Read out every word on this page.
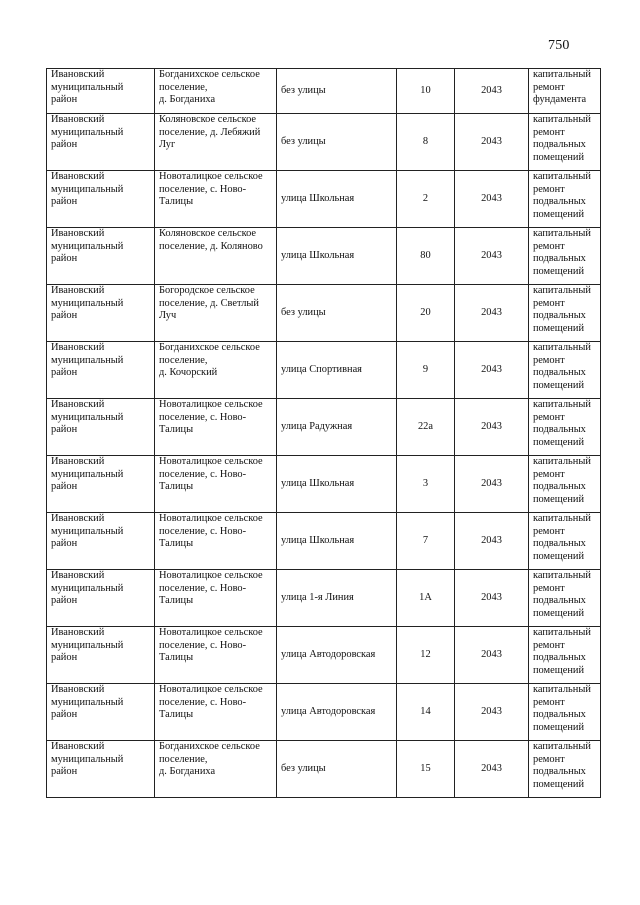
750
Ивановский
муниципальный
район	Богданихское сельское
поселение,
д. Богданиха	без улицы	10	2043	капитальный
ремонт
фундамента
Ивановский
муниципальный
район	Коляновское сельское
поселение, д. Лебяжий
Луг	без улицы	8	2043	капитальный
ремонт
подвальных
помещений
Ивановский
муниципальный
район	Новоталицкое сельское
поселение, с. Ново-
Талицы	улица Школьная	2	2043	капитальный
ремонт
подвальных
помещений
Ивановский
муниципальный
район	Коляновское сельское
поселение, д. Коляново	улица Школьная	80	2043	капитальный
ремонт
подвальных
помещений
Ивановский
муниципальный
район	Богородское сельское
поселение, д. Светлый
Луч	без улицы	20	2043	капитальный
ремонт
подвальных
помещений
Ивановский
муниципальный
район	Богданихское сельское
поселение,
д. Кочорский	улица Спортивная	9	2043	капитальный
ремонт
подвальных
помещений
Ивановский
муниципальный
район	Новоталицкое сельское
поселение, с. Ново-
Талицы	улица Радужная	22а	2043	капитальный
ремонт
подвальных
помещений
Ивановский
муниципальный
район	Новоталицкое сельское
поселение, с. Ново-
Талицы	улица Школьная	3	2043	капитальный
ремонт
подвальных
помещений
Ивановский
муниципальный
район	Новоталицкое сельское
поселение, с. Ново-
Талицы	улица Школьная	7	2043	капитальный
ремонт
подвальных
помещений
Ивановский
муниципальный
район	Новоталицкое сельское
поселение, с. Ново-
Талицы	улица 1-я Линия	1А	2043	капитальный
ремонт
подвальных
помещений
Ивановский
муниципальный
район	Новоталицкое сельское
поселение, с. Ново-
Талицы	улица Автодоровская	12	2043	капитальный
ремонт
подвальных
помещений
Ивановский
муниципальный
район	Новоталицкое сельское
поселение, с. Ново-
Талицы	улица Автодоровская	14	2043	капитальный
ремонт
подвальных
помещений
Ивановский
муниципальный
район	Богданихское сельское
поселение,
д. Богданиха	без улицы	15	2043	капитальный
ремонт
подвальных
помещений
